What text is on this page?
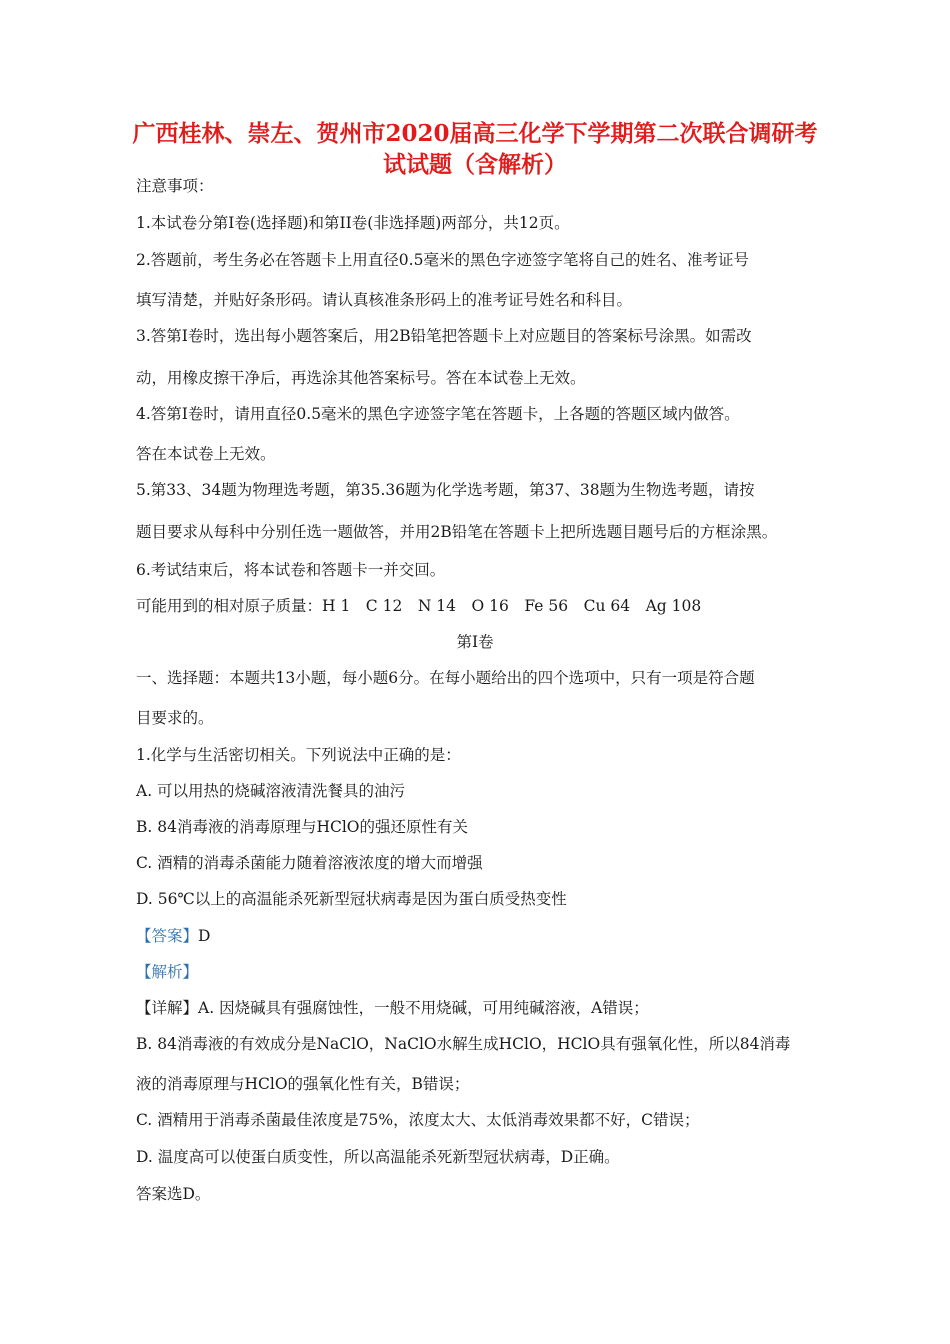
广西桂林、崇左、贺州市2020届高三化学下学期第二次联合调研考
试试题（含解析）
注意事项：
1.本试卷分第Ⅰ卷(选择题)和第II卷(非选择题)两部分，共12页。
2.答题前，考生务必在答题卡上用直径0.5毫米的黑色字迹签字笔将自己的姓名、准考证号
填写清楚，并贴好条形码。请认真核准条形码上的准考证号姓名和科目。
3.答第Ⅰ卷时，选出每小题答案后，用2B铅笔把答题卡上对应题目的答案标号涂黑。如需改
动，用橡皮擦干净后，再选涂其他答案标号。答在本试卷上无效。
4.答第Ⅰ卷时，请用直径0.5毫米的黑色字迹签字笔在答题卡，上各题的答题区域内做答。
答在本试卷上无效。
5.第33、34题为物理选考题，第35.36题为化学选考题，第37、38题为生物选考题，请按
题目要求从每科中分别任选一题做答，并用2B铅笔在答题卡上把所选题目题号后的方框涂黑。
6.考试结束后，将本试卷和答题卡一并交回。
可能用到的相对原子质量：H 1　C 12　N 14　O 16　Fe 56　Cu 64　Ag 108
第Ⅰ卷
一、选择题：本题共13小题，每小题6分。在每小题给出的四个选项中，只有一项是符合题
目要求的。
1.化学与生活密切相关。下列说法中正确的是：
A. 可以用热的烧碱溶液清洗餐具的油污
B. 84消毒液的消毒原理与HClO的强还原性有关
C. 酒精的消毒杀菌能力随着溶液浓度的增大而增强
D. 56℃以上的高温能杀死新型冠状病毒是因为蛋白质受热变性
【答案】D
【解析】
【详解】A. 因烧碱具有强腐蚀性，一般不用烧碱，可用纯碱溶液，A错误；
B. 84消毒液的有效成分是NaClO，NaClO水解生成HClO，HClO具有强氧化性，所以84消毒
液的消毒原理与HClO的强氧化性有关，B错误；
C. 酒精用于消毒杀菌最佳浓度是75%，浓度太大、太低消毒效果都不好，C错误；
D. 温度高可以使蛋白质变性，所以高温能杀死新型冠状病毒，D正确。
答案选D。
